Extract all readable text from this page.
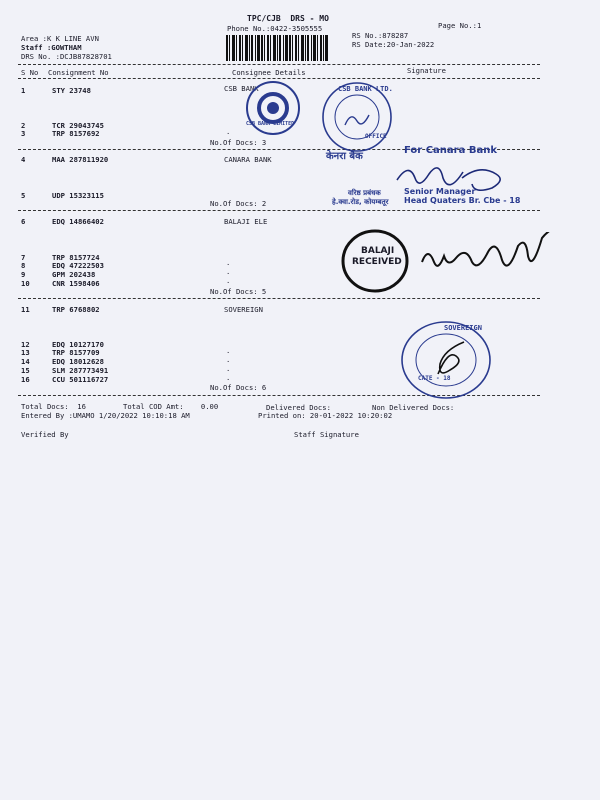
TPC/CJB  DRS - MO
Phone No.:0422-3505555	Page No.:1
Area :K K LINE AVN
Staff :GOWTHAM
DRS No. :DCJB87828701
RS No.:878287
RS Date:20-Jan-2022
S No Consignment No	Consignee Details	Signature
1	STY 23748	CSB BANK
2	TCR 29043745
3	TRP 8157692
No.Of Docs: 3
4	MAA 287811920	CANARA BANK
5	UDP 15323115
No.Of Docs: 2
6	EDQ 14866402	BALAJI ELE
7	TRP 8157724
8	EDQ 47222503
9	GPM 202438
10	CNR 1598406
No.Of Docs: 5
11	TRP 6768802	SOVEREIGN
12	EDQ 10127170
13	TRP 8157709
14	EDQ 18012628
15	SLM 287773491
16	CCU 501116727
No.Of Docs: 6
.
.
.
.
.
.
.
.
Total Docs:  16	Total COD Amt:    0.00	Delivered Docs:	Non Delivered Docs:
Entered By :UMAMO 1/20/2022 10:10:18 AM	Printed on: 20-01-2022 10:20:02
Verified By	Staff Signature
CSB BANK LIMITED
CSB BANK LTD.
OFFICE
केनरा बैंक
For Canara Bank
वरिष्ठ प्रबंधक	Senior Manager
हे.क्वा.रोड, कोयम्बतूर Head Quaters Br. Cbe - 18
BALAJI
RECEIVED
SOVEREIGN
CATE - 18
